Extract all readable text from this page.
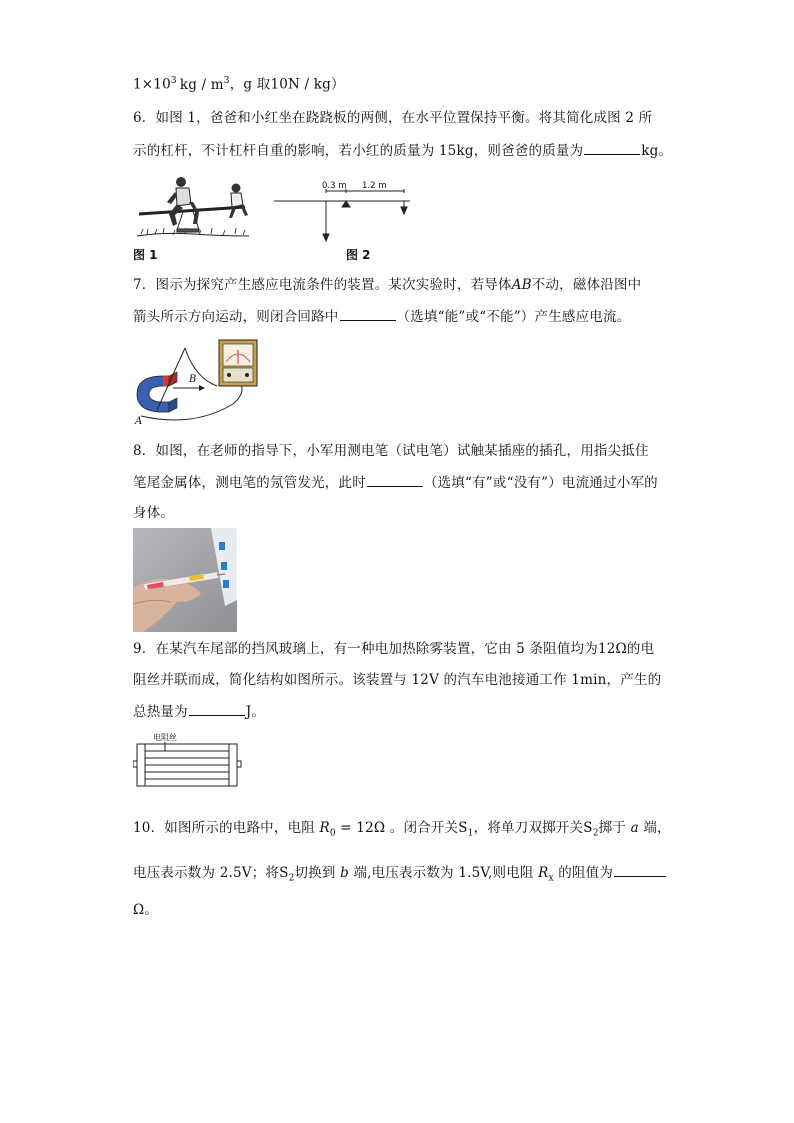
$1\times 10^3$ kg / $m^3$，g 取10N / kg）
6．如图 1，爸爸和小红坐在跷跷板的两侧，在水平位置保持平衡。将其简化成图 2 所
示的杠杆，不计杠杆自重的影响，若小红的质量为 15kg，则爸爸的质量为	kg。
图 1
0.3 m 1.2 m
图 2
7．图示为探究产生感应电流条件的装置。某次实验时，若导体AB不动，磁体沿图中
箭头所示方向运动，则闭合回路中	（选填“能”或“不能”）产生感应电流。
A
B
8．如图，在老师的指导下，小军用测电笔（试电笔）试触某插座的插孔，用指尖抵住
笔尾金属体，测电笔的氖管发光，此时	（选填“有”或“没有”）电流通过小军的
身体。
9．在某汽车尾部的挡风玻璃上，有一种电加热除雾装置，它由 5 条阻值均为12Ω的电
阻丝并联而成，简化结构如图所示。该装置与 12V 的汽车电池接通工作 1min，产生的
总热量为	J。
电阻丝
10．如图所示的电路中，电阻 $R_0 = 12\Omega$ 。闭合开关$S_1$，将单刀双掷开关$S_2$掷于 a 端，
电压表示数为 2.5V；将$S_2$切换到 b 端,电压表示数为 1.5V,则电阻 $R_x$ 的阻值为
Ω。
